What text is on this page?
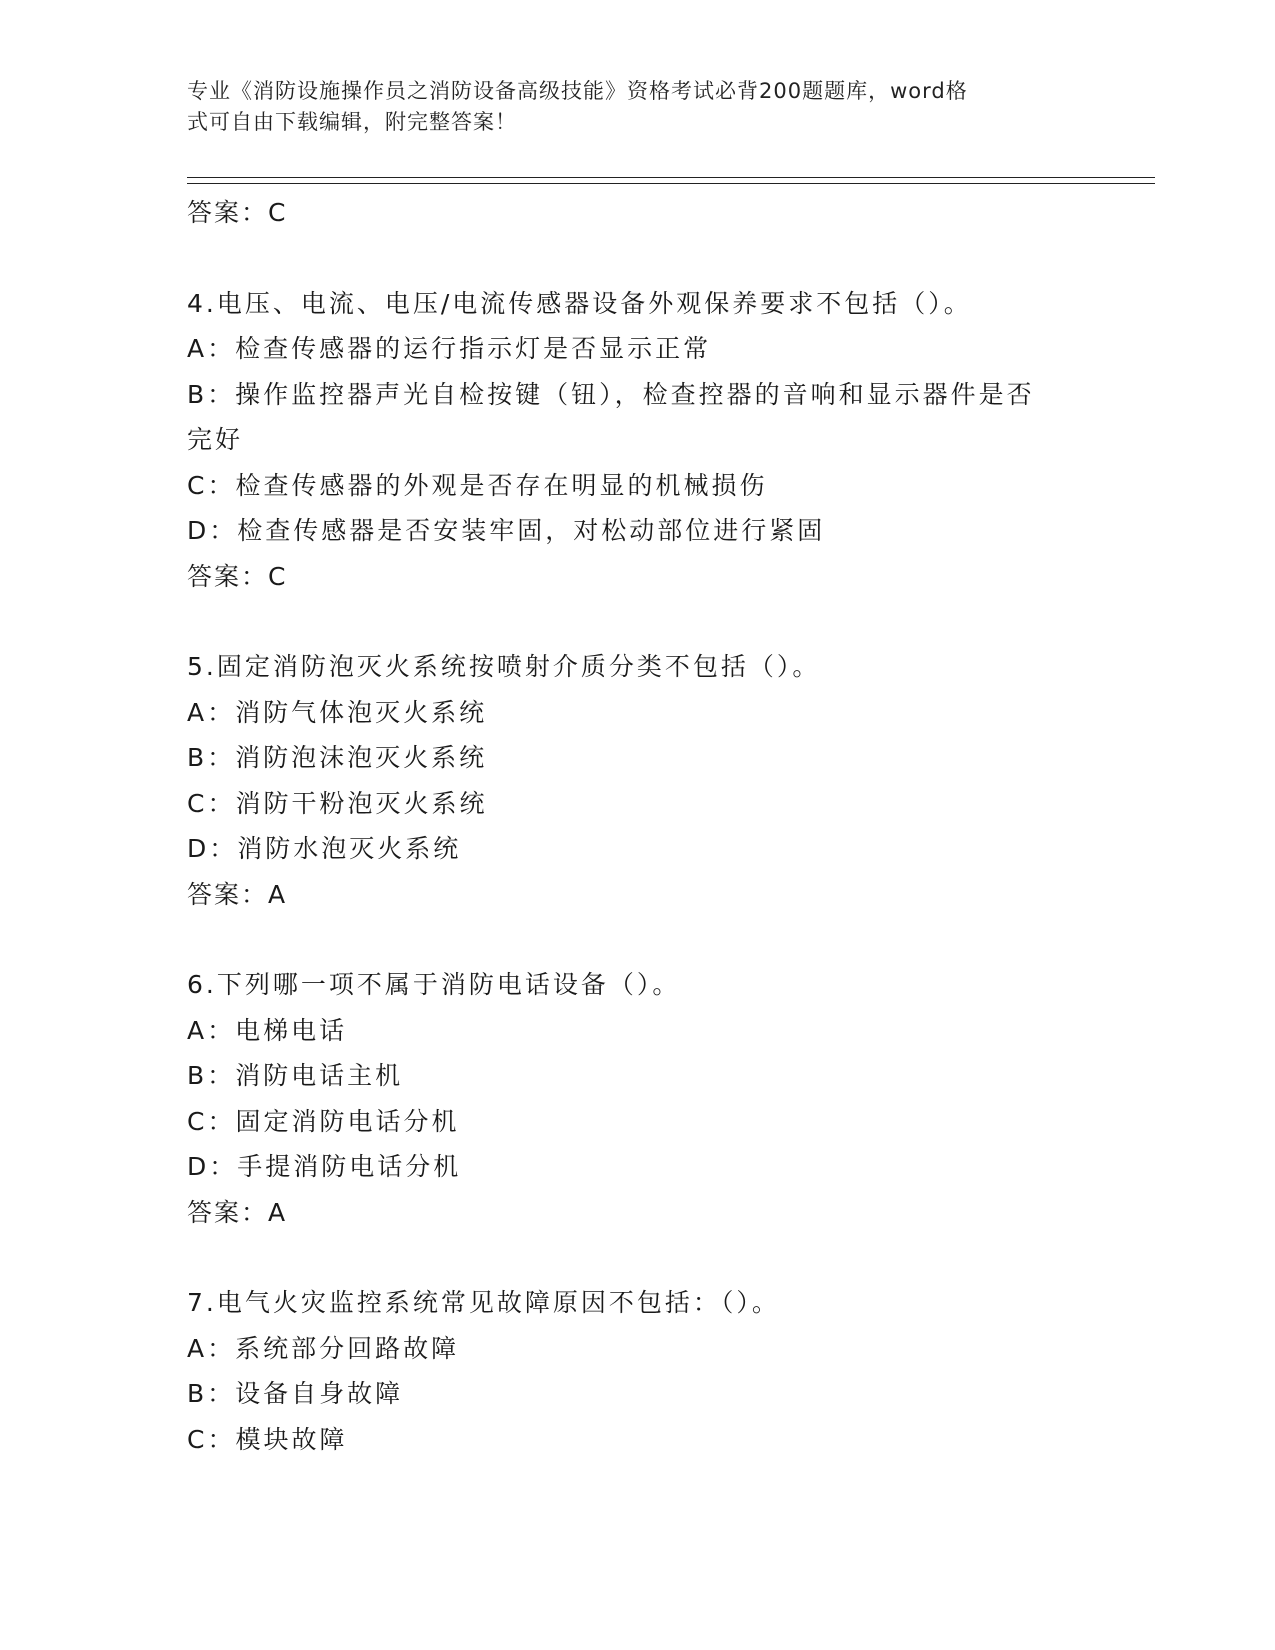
专业《消防设施操作员之消防设备高级技能》资格考试必背200题题库，word格
式可自由下载编辑，附完整答案！
答案：C
4.电压、电流、电压/电流传感器设备外观保养要求不包括（）。
A：检查传感器的运行指示灯是否显示正常
B：操作监控器声光自检按键（钮），检查控器的音响和显示器件是否
完好
C：检查传感器的外观是否存在明显的机械损伤
D：检查传感器是否安装牢固，对松动部位进行紧固
答案：C
5.固定消防泡灭火系统按喷射介质分类不包括（）。
A：消防气体泡灭火系统
B：消防泡沫泡灭火系统
C：消防干粉泡灭火系统
D：消防水泡灭火系统
答案：A
6.下列哪一项不属于消防电话设备（）。
A：电梯电话
B：消防电话主机
C：固定消防电话分机
D：手提消防电话分机
答案：A
7.电气火灾监控系统常见故障原因不包括：（）。
A：系统部分回路故障
B：设备自身故障
C：模块故障
